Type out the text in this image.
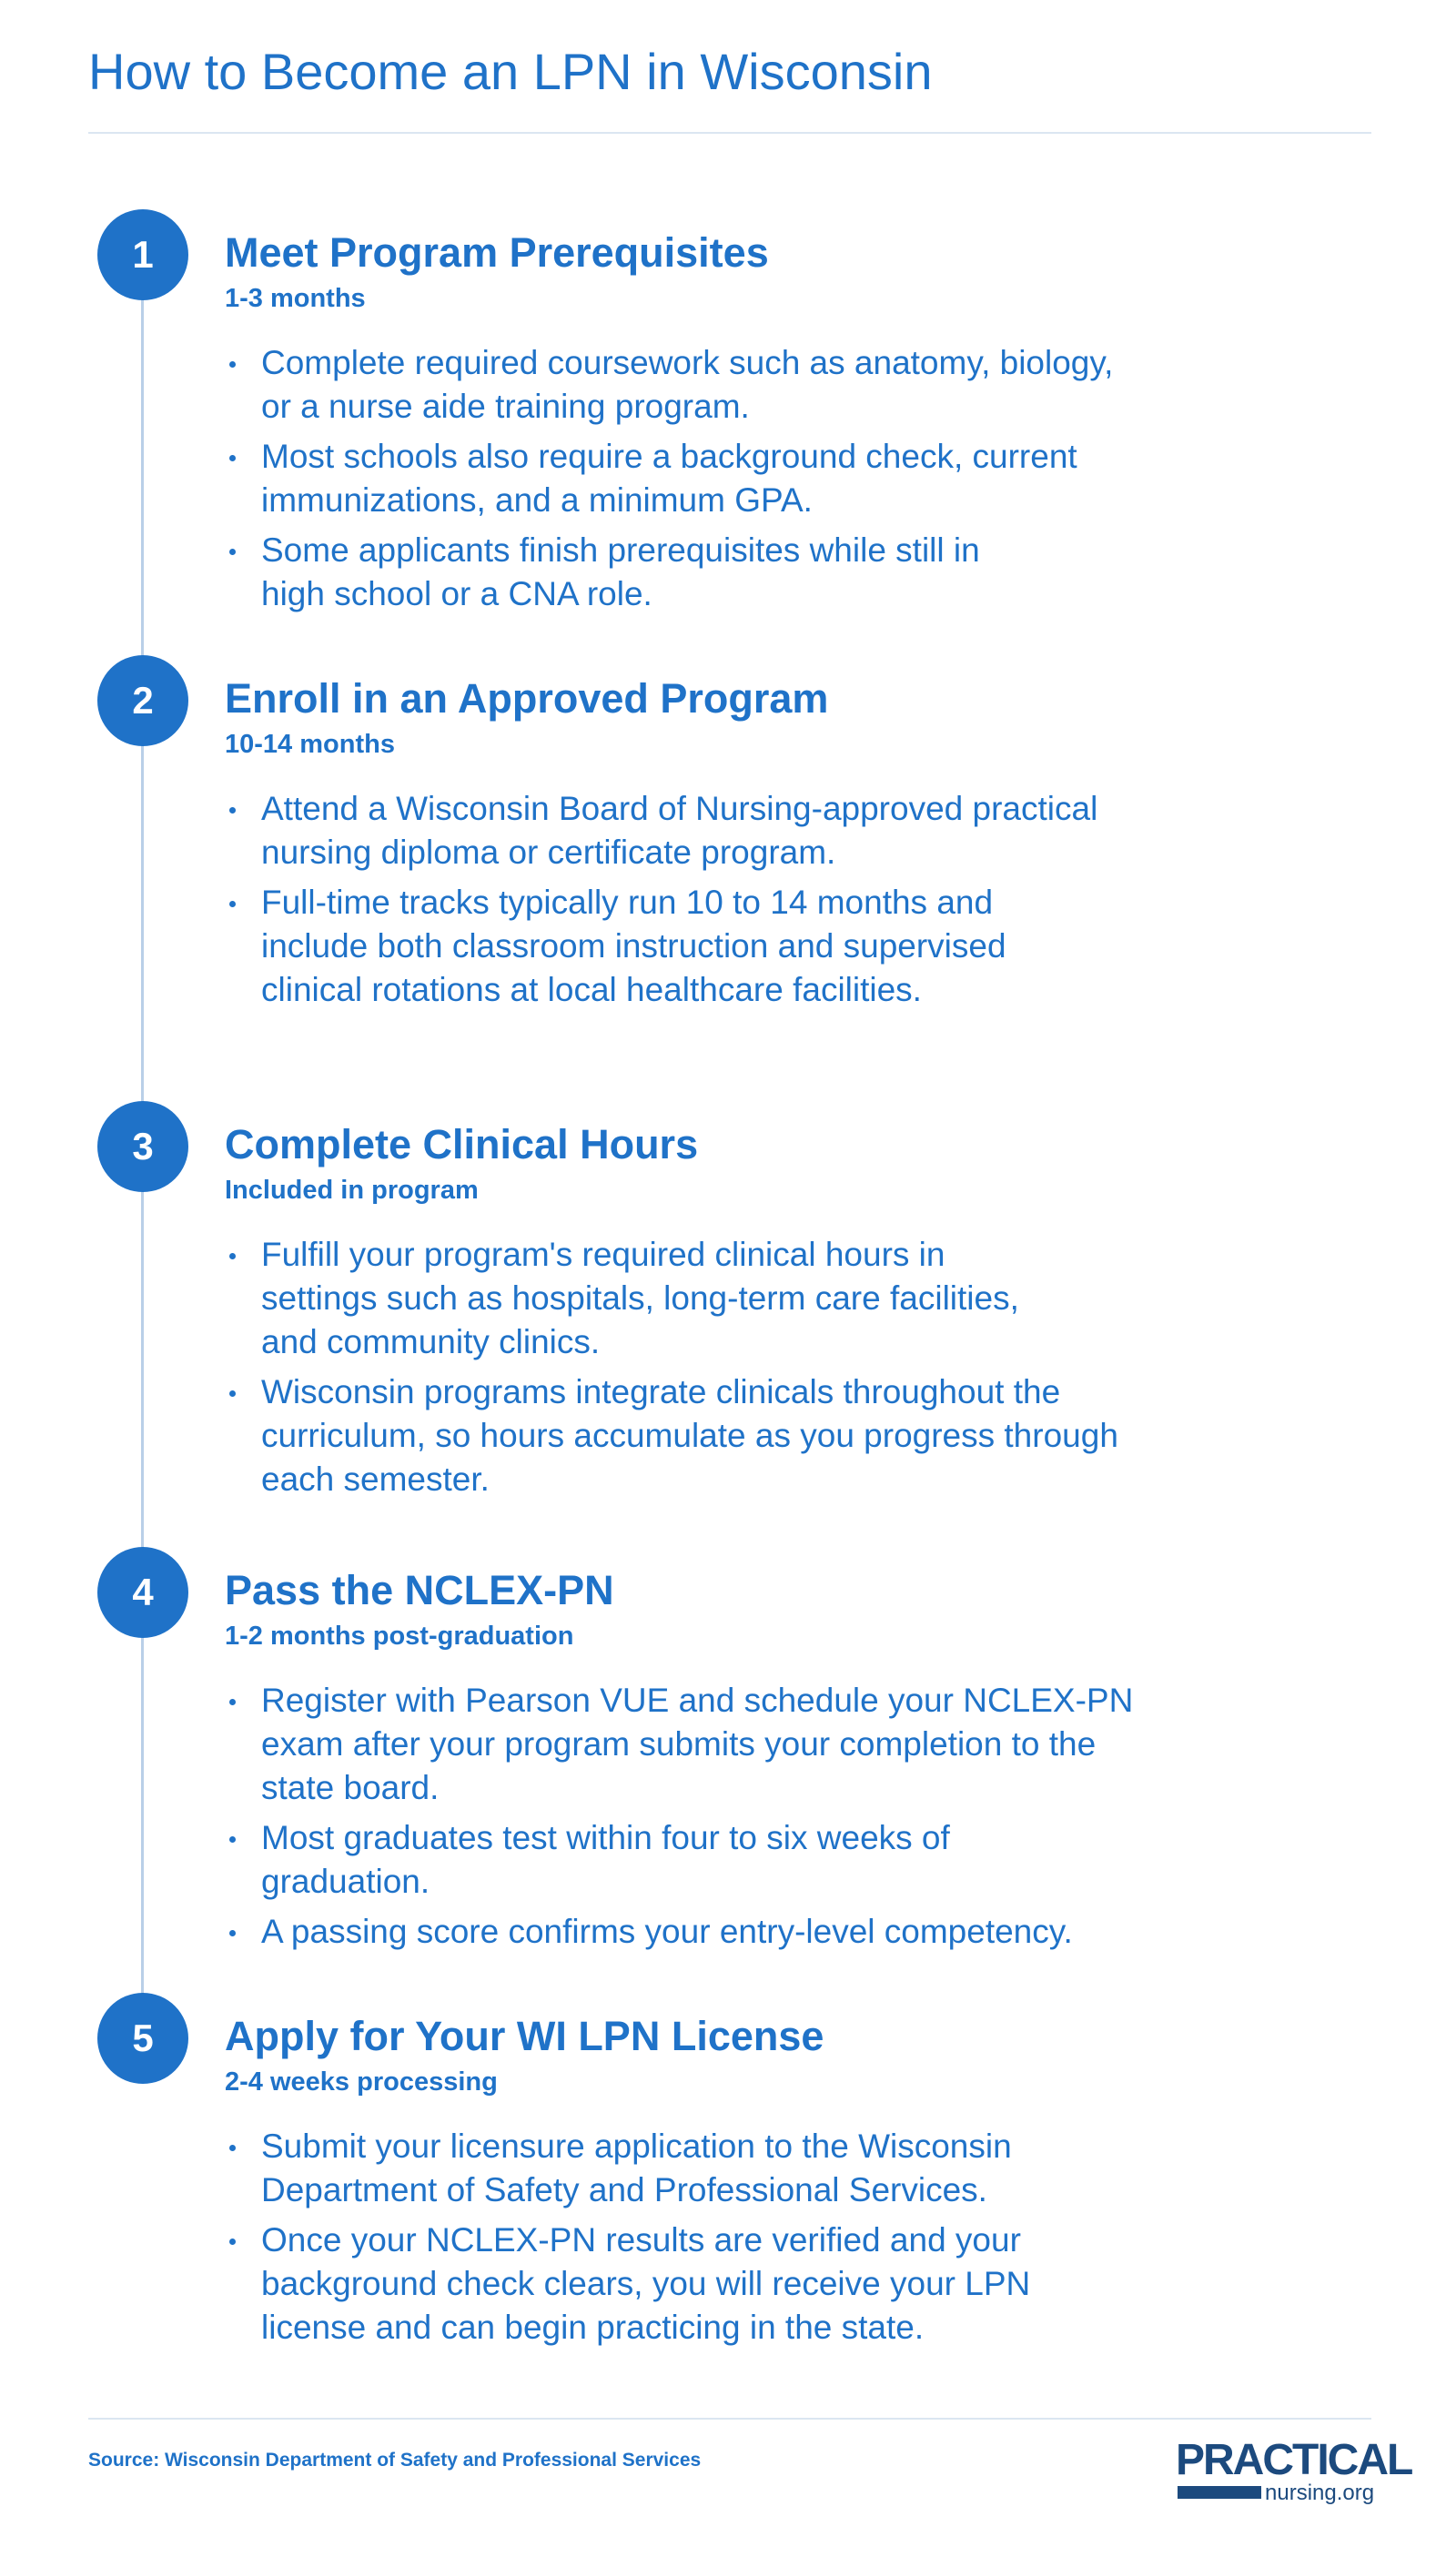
How to Become an LPN in Wisconsin
1	Meet Program Prerequisites

1-3 months

Complete required coursework such as anatomy, biology,
or a nurse aide training program.
Most schools also require a background check, current
immunizations, and a minimum GPA.
Some applicants finish prerequisites while still in
high school or a CNA role.
2	Enroll in an Approved Program

10-14 months

Attend a Wisconsin Board of Nursing-approved practical
nursing diploma or certificate program.
Full-time tracks typically run 10 to 14 months and
include both classroom instruction and supervised
clinical rotations at local healthcare facilities.
3	Complete Clinical Hours

Included in program

Fulfill your program's required clinical hours in
settings such as hospitals, long-term care facilities,
and community clinics.
Wisconsin programs integrate clinicals throughout the
curriculum, so hours accumulate as you progress through
each semester.
4	Pass the NCLEX-PN

1-2 months post-graduation

Register with Pearson VUE and schedule your NCLEX-PN
exam after your program submits your completion to the
state board.
Most graduates test within four to six weeks of
graduation.
A passing score confirms your entry-level competency.
5	Apply for Your WI LPN License

2-4 weeks processing

Submit your licensure application to the Wisconsin
Department of Safety and Professional Services.
Once your NCLEX-PN results are verified and your
background check clears, you will receive your LPN
license and can begin practicing in the state.
Source: Wisconsin Department of Safety and Professional Services	PRACTICAL
nursing.org
